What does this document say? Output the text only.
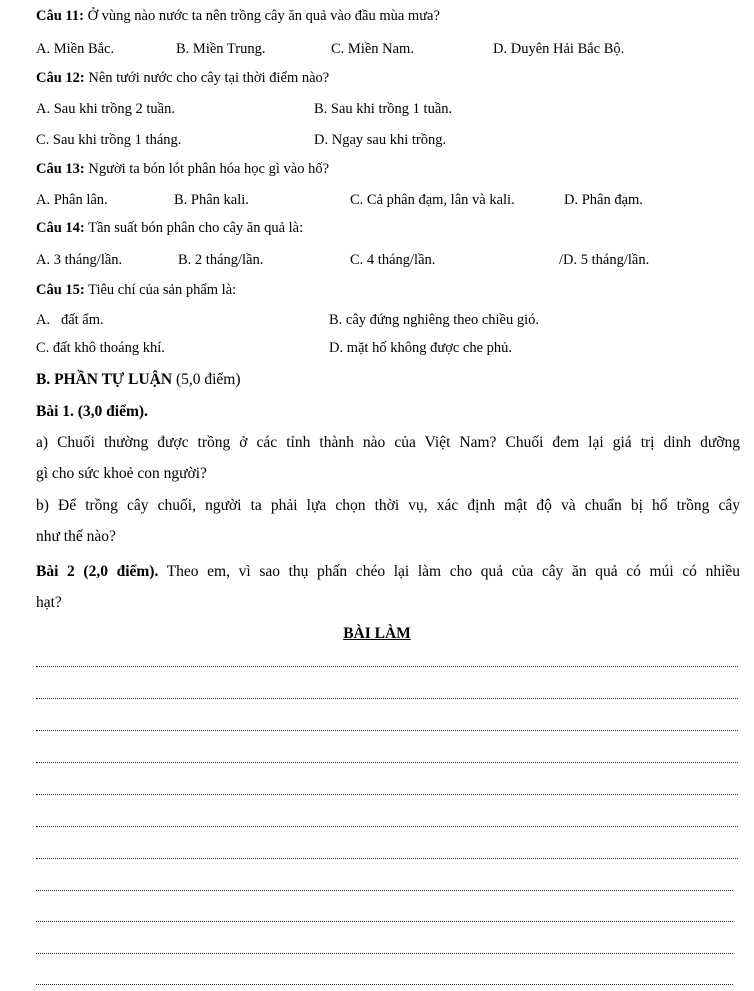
Câu 11: Ở vùng nào nước ta nên trồng cây ăn quả vào đầu mùa mưa?
A. Miền Bắc.	B. Miền Trung.	C. Miền Nam.	D. Duyên Hải Bắc Bộ.
Câu 12: Nên tưới nước cho cây tại thời điểm nào?
A. Sau khi trồng 2 tuần.	B. Sau khi trồng 1 tuần.
C. Sau khi trồng 1 tháng.	D. Ngay sau khi trồng.
Câu 13: Người ta bón lót phân hóa học gì vào hố?
A. Phân lân.	B. Phân kali.	C. Cả phân đạm, lân và kali.	D. Phân đạm.
Câu 14: Tần suất bón phân cho cây ăn quả là:
A. 3 tháng/lần.	B. 2 tháng/lần.	C. 4 tháng/lần.	/D. 5 tháng/lần.
Câu 15: Tiêu chí của sản phẩm là:
A.   đất ẩm.	B. cây đứng nghiêng theo chiều gió.
C. đất khô thoáng khí.	D. mặt hố không được che phủ.
B. PHẦN TỰ LUẬN (5,0 điểm)
Bài 1. (3,0 điểm).
a) Chuối thường được trồng ở các tỉnh thành nào của Việt Nam? Chuối đem lại giá trị dinh dưỡng
gì cho sức khoẻ con người?
b) Để trồng cây chuối, người ta phải lựa chọn thời vụ, xác định mật độ và chuẩn bị hố trồng cây
như thế nào?
Bài 2 (2,0 điểm). Theo em, vì sao thụ phấn chéo lại làm cho quả của cây ăn quả có múi có nhiều
hạt?
BÀI LÀM
